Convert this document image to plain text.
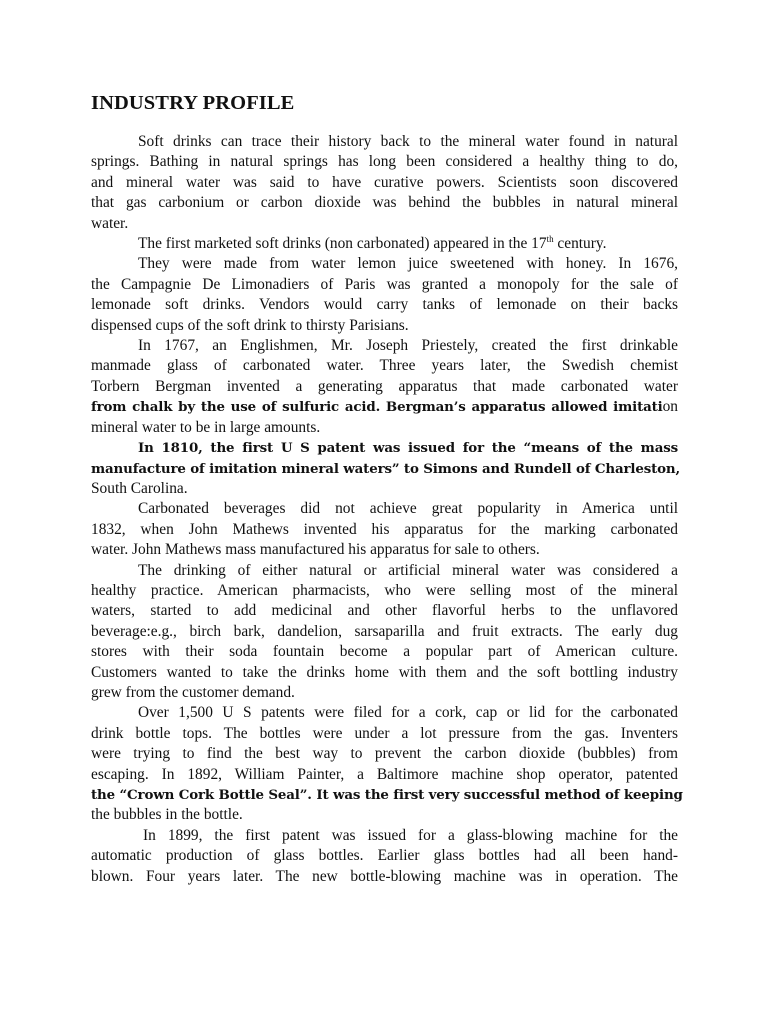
INDUSTRY PROFILE
Soft drinks can trace their history back to the mineral water found in natural
springs. Bathing in natural springs has long been considered a healthy thing to do,
and mineral water was said to have curative powers. Scientists soon discovered
that gas carbonium or carbon dioxide was behind the bubbles in natural mineral
water.
The first marketed soft drinks (non carbonated) appeared in the 17th century.
They were made from water lemon juice sweetened with honey. In 1676,
the Campagnie De Limonadiers of Paris was granted a monopoly for the sale of
lemonade soft drinks. Vendors would carry tanks of lemonade on their backs
dispensed cups of the soft drink to thirsty Parisians.
In 1767, an Englishmen, Mr. Joseph Priestely, created the first drinkable
manmade glass of carbonated water. Three years later, the Swedish chemist
Torbern Bergman invented a generating apparatus that made carbonated water
from chalk by the use of sulfuric acid. Bergman’s apparatus allowed imitation
mineral water to be in large amounts.
In 1810, the first U S patent was issued for the “means of the mass
manufacture of imitation mineral waters” to Simons and Rundell of Charleston,
South Carolina.
Carbonated beverages did not achieve great popularity in America until
1832, when John Mathews invented his apparatus for the marking carbonated
water. John Mathews mass manufactured his apparatus for sale to others.
The drinking of either natural or artificial mineral water was considered a
healthy practice. American pharmacists, who were selling most of the mineral
waters, started to add medicinal and other flavorful herbs to the unflavored
beverage:e.g., birch bark, dandelion, sarsaparilla and fruit extracts. The early dug
stores with their soda fountain become a popular part of American culture.
Customers wanted to take the drinks home with them and the soft bottling industry
grew from the customer demand.
Over 1,500 U S patents were filed for a cork, cap or lid for the carbonated
drink bottle tops. The bottles were under a lot pressure from the gas. Inventers
were trying to find the best way to prevent the carbon dioxide (bubbles) from
escaping. In 1892, William Painter, a Baltimore machine shop operator, patented
the “Crown Cork Bottle Seal”. It was the first very successful method of keeping
the bubbles in the bottle.
In 1899, the first patent was issued for a glass-blowing machine for the
automatic production of glass bottles. Earlier glass bottles had all been hand-
blown. Four years later. The new bottle-blowing machine was in operation. The
